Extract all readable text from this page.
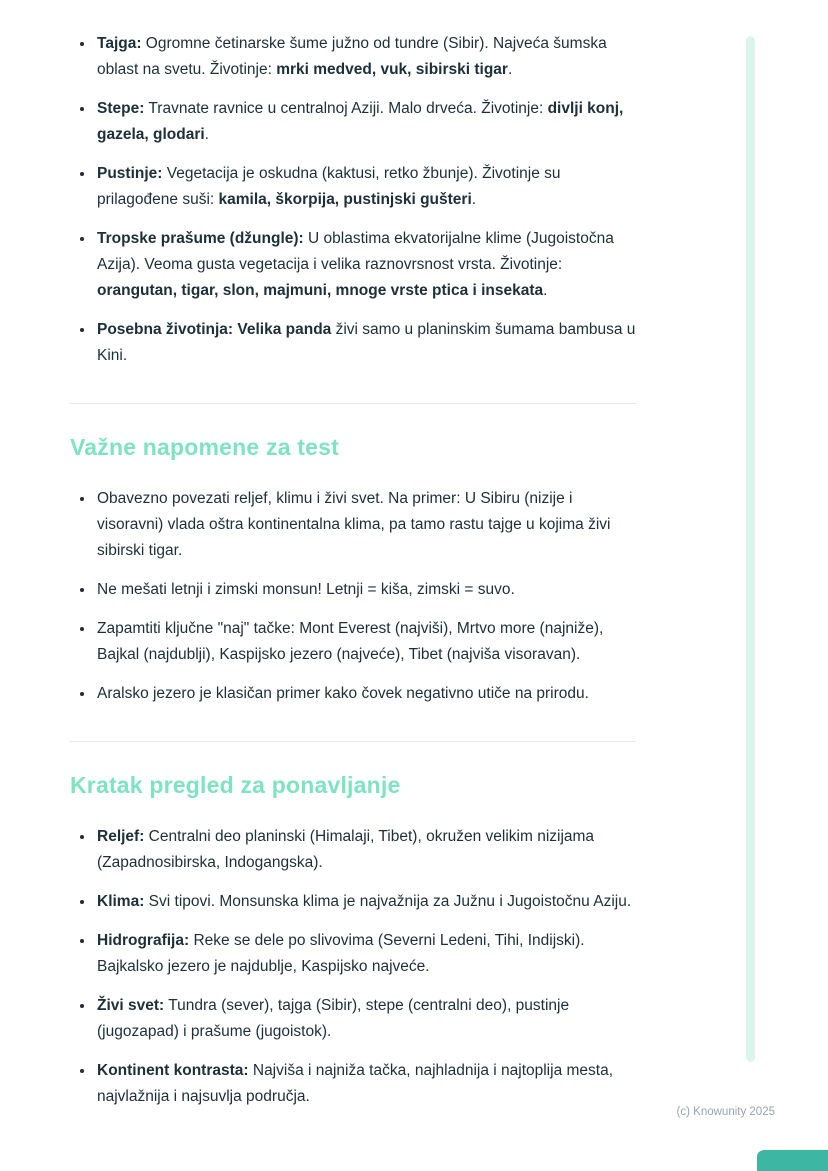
• Tajga: Ogromne četinarske šume južno od tundre (Sibir). Najveća šumska oblast na svetu. Životinje: mrki medved, vuk, sibirski tigar.
• Stepe: Travnate ravnice u centralnoj Aziji. Malo drveća. Životinje: divlji konj, gazela, glodari.
• Pustinje: Vegetacija je oskudna (kaktusi, retko žbunje). Životinje su prilagođene suši: kamila, škorpija, pustinjski gušteri.
• Tropske prašume (džungle): U oblastima ekvatorijalne klime (Jugoistočna Azija). Veoma gusta vegetacija i velika raznovrsnost vrsta. Životinje: orangutan, tigar, slon, majmuni, mnoge vrste ptica i insekata.
• Posebna životinja: Velika panda živi samo u planinskim šumama bambusa u Kini.
Važne napomene za test
• Obavezno povezati reljef, klimu i živi svet. Na primer: U Sibiru (nizije i visoravni) vlada oštra kontinentalna klima, pa tamo rastu tajge u kojima živi sibirski tigar.
• Ne mešati letnji i zimski monsun! Letnji = kiša, zimski = suvo.
• Zapamtiti ključne "naj" tačke: Mont Everest (najviši), Mrtvo more (najniže), Bajkal (najdublji), Kaspijsko jezero (najveće), Tibet (najviša visoravan).
• Aralsko jezero je klasičan primer kako čovek negativno utiče na prirodu.
Kratak pregled za ponavljanje
• Reljef: Centralni deo planinski (Himalaji, Tibet), okružen velikim nizijama (Zapadnosibirska, Indogangska).
• Klima: Svi tipovi. Monsunska klima je najvažnija za Južnu i Jugoistočnu Aziju.
• Hidrografija: Reke se dele po slivovima (Severni Ledeni, Tihi, Indijski). Bajkalsko jezero je najdublje, Kaspijsko najveće.
• Živi svet: Tundra (sever), tajga (Sibir), stepe (centralni deo), pustinje (jugozapad) i prašume (jugoistok).
• Kontinent kontrasta: Najviša i najniža tačka, najhladnija i najtoplija mesta, najvlažnija i najsuvlja područja.
(c) Knowunity 2025
